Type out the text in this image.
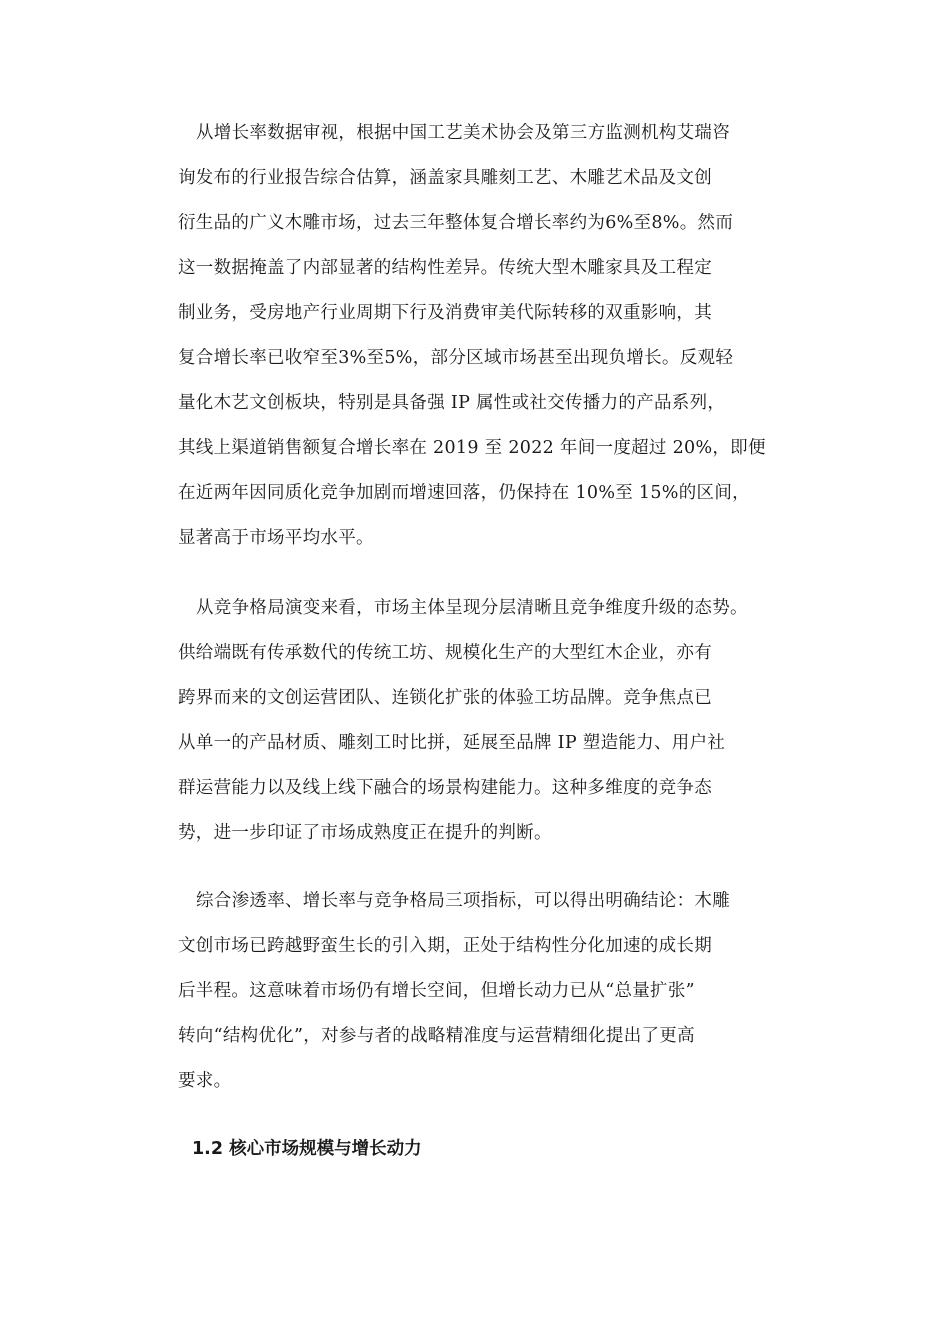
从增长率数据审视，根据中国工艺美术协会及第三方监测机构艾瑞咨
询发布的行业报告综合估算，涵盖家具雕刻工艺、木雕艺术品及文创
衍生品的广义木雕市场，过去三年整体复合增长率约为6%至8%。然而
这一数据掩盖了内部显著的结构性差异。传统大型木雕家具及工程定
制业务，受房地产行业周期下行及消费审美代际转移的双重影响，其
复合增长率已收窄至3%至5%，部分区域市场甚至出现负增长。反观轻
量化木艺文创板块，特别是具备强 IP 属性或社交传播力的产品系列，
其线上渠道销售额复合增长率在 2019 至 2022 年间一度超过 20%，即便
在近两年因同质化竞争加剧而增速回落，仍保持在 10%至 15%的区间，
显著高于市场平均水平。
从竞争格局演变来看，市场主体呈现分层清晰且竞争维度升级的态势。
供给端既有传承数代的传统工坊、规模化生产的大型红木企业，亦有
跨界而来的文创运营团队、连锁化扩张的体验工坊品牌。竞争焦点已
从单一的产品材质、雕刻工时比拼，延展至品牌 IP 塑造能力、用户社
群运营能力以及线上线下融合的场景构建能力。这种多维度的竞争态
势，进一步印证了市场成熟度正在提升的判断。
综合渗透率、增长率与竞争格局三项指标，可以得出明确结论：木雕
文创市场已跨越野蛮生长的引入期，正处于结构性分化加速的成长期
后半程。这意味着市场仍有增长空间，但增长动力已从“总量扩张”
转向“结构优化”，对参与者的战略精准度与运营精细化提出了更高
要求。
1.2 核心市场规模与增长动力
